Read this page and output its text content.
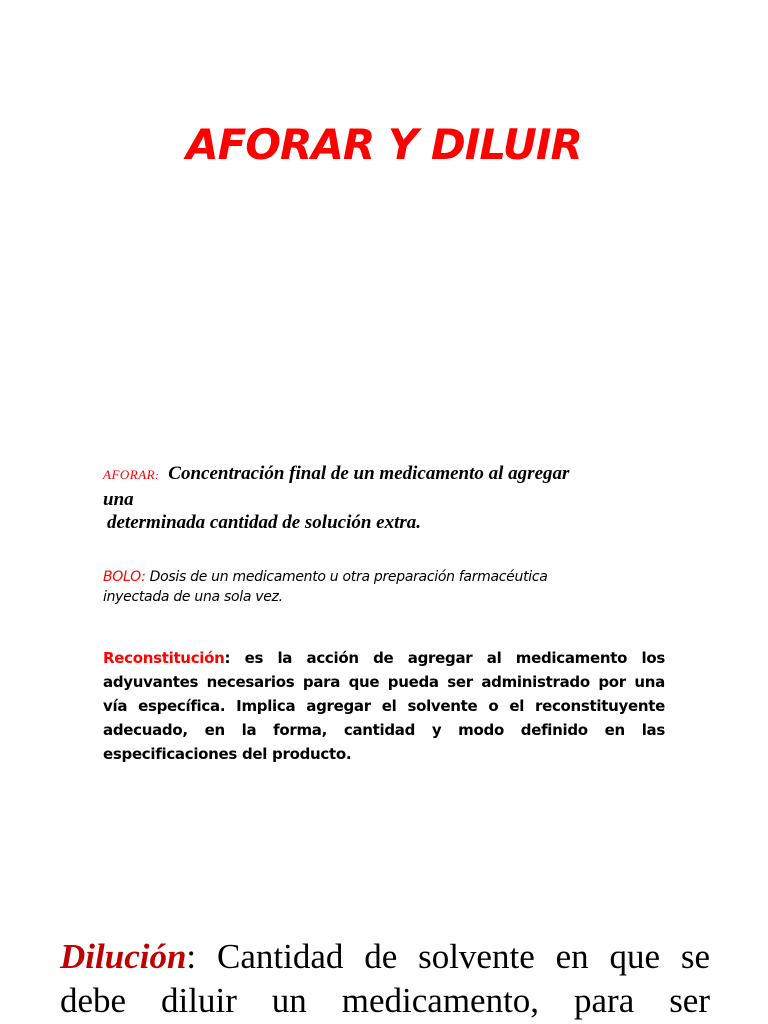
AFORAR Y DILUIR

AFORAR: Concentración final de un medicamento al agregar
una

determinada cantidad de solución extra.

BOLO: Dosis de un medicamento u otra preparación farmacéutica
inyectada de una sola vez.

Reconstitución: es la acción de agregar al medicamento los adyuvantes necesarios para que pueda ser administrado por una vía específica. Implica agregar el solvente o el reconstituyente adecuado, en la forma, cantidad y modo definido en las especificaciones del producto.

Dilución: Cantidad de solvente en que se debe diluir un medicamento, para ser
